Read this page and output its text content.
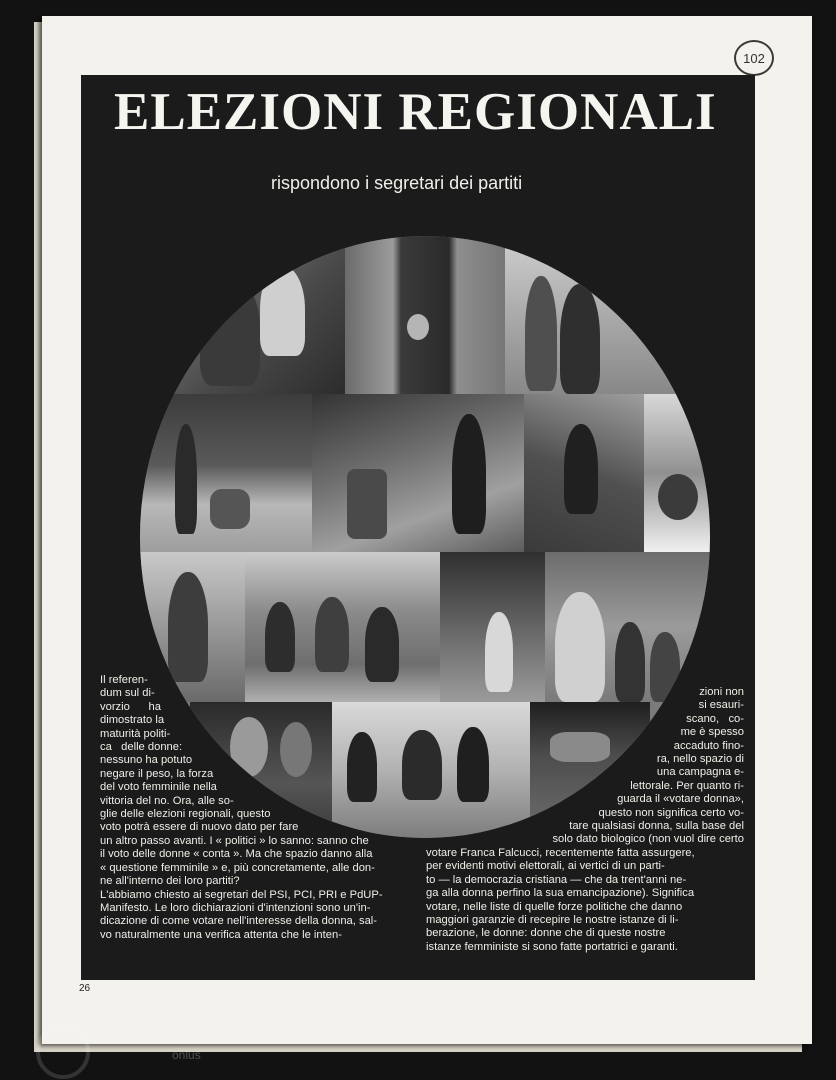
102
ELEZIONI REGIONALI
rispondono i segretari dei partiti
Il referen-
dum sul di-
vorzio      ha
dimostrato la
maturità politi-
ca   delle donne:
nessuno ha potuto
negare il peso, la forza
del voto femminile nella
vittoria del no. Ora, alle so-
glie delle elezioni regionali, questo
voto potrà essere di nuovo dato per fare
un altro passo avanti. I « politici » lo sanno: sanno che
il voto delle donne « conta ». Ma che spazio danno alla
« questione femminile » e, più concretamente, alle don-
ne all'interno dei loro partiti?
L'abbiamo chiesto ai segretari del PSI, PCI, PRI e PdUP-
Manifesto. Le loro dichiarazioni d'intenzioni sono un'in-
dicazione di come votare nell'interesse della donna, sal-
vo naturalmente una verifica attenta che le inten-
zioni non
si esauri-
scano,   co-
me è spesso
accaduto fino-
ra, nello spazio di
una campagna e-
lettorale. Per quanto ri-
guarda il «votare donna»,
questo non significa certo vo-
tare qualsiasi donna, sulla base del
solo dato biologico (non vuol dire certo
votare Franca Falcucci, recentemente fatta assurgere,
per evidenti motivi elettorali, ai vertici di un parti-
to — la democrazia cristiana — che da trent'anni ne-
ga alla donna perfino la sua emancipazione). Significa
votare, nelle liste di quelle forze politiche che danno
maggiori garanzie di recepire le nostre istanze di li-
berazione, le donne: donne che di queste nostre
istanze femministe si sono fatte portatrici e garanti.
26
onlus
